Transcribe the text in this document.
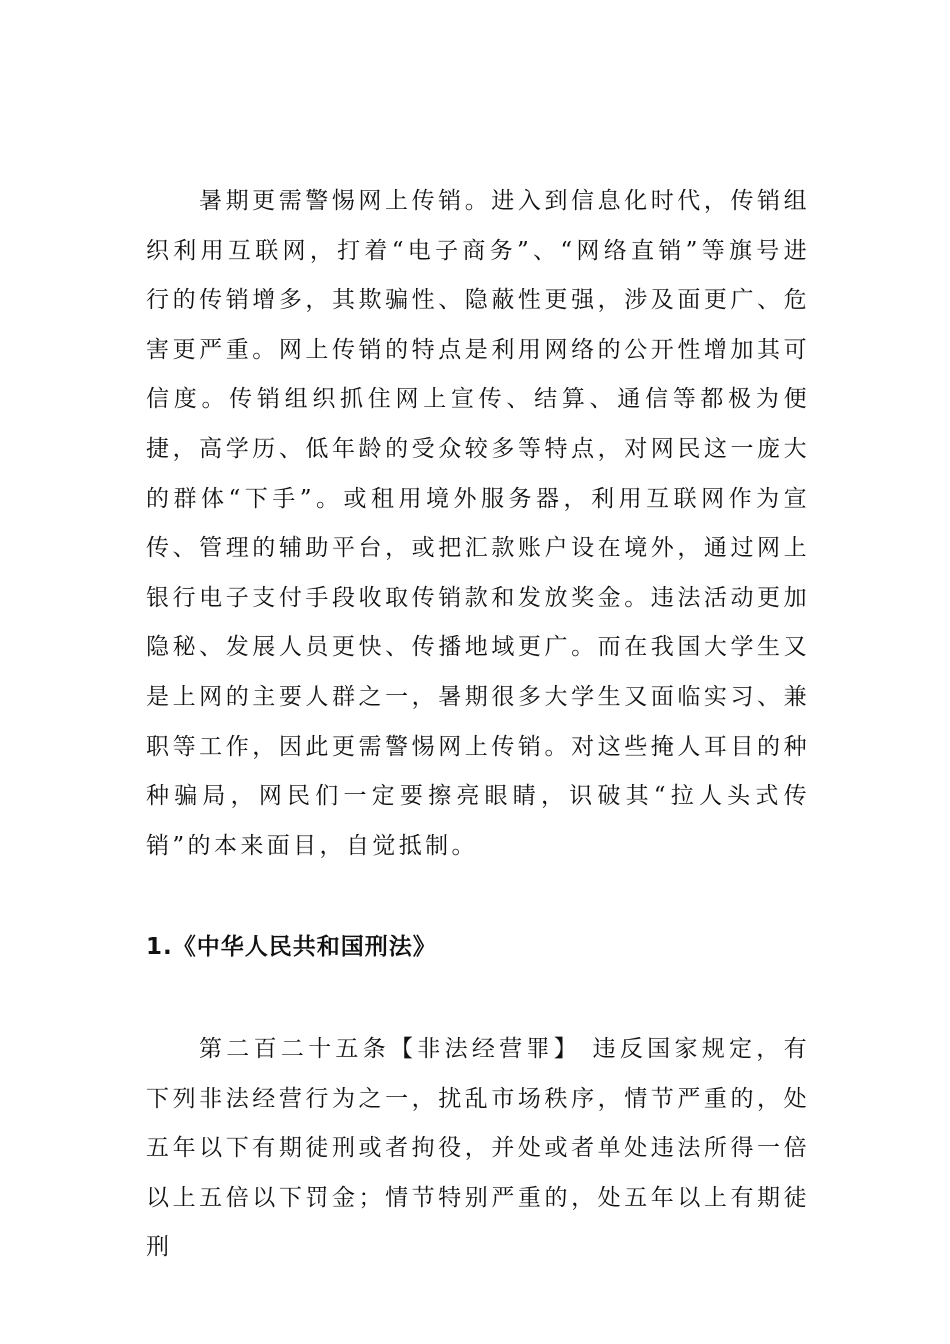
暑期更需警惕网上传销。进入到信息化时代，传销组织利用互联网，打着“电子商务”、“网络直销”等旗号进行的传销增多，其欺骗性、隐蔽性更强，涉及面更广、危害更严重。网上传销的特点是利用网络的公开性增加其可信度。传销组织抓住网上宣传、结算、通信等都极为便捷，高学历、低年龄的受众较多等特点，对网民这一庞大的群体“下手”。或租用境外服务器，利用互联网作为宣传、管理的辅助平台，或把汇款账户设在境外，通过网上银行电子支付手段收取传销款和发放奖金。违法活动更加隐秘、发展人员更快、传播地域更广。而在我国大学生又是上网的主要人群之一，暑期很多大学生又面临实习、兼职等工作，因此更需警惕网上传销。对这些掩人耳目的种种骗局，网民们一定要擦亮眼睛，识破其“拉人头式传销”的本来面目，自觉抵制。

1.《中华人民共和国刑法》

第二百二十五条【非法经营罪】 违反国家规定，有下列非法经营行为之一，扰乱市场秩序，情节严重的，处五年以下有期徒刑或者拘役，并处或者单处违法所得一倍以上五倍以下罚金；情节特别严重的，处五年以上有期徒刑
